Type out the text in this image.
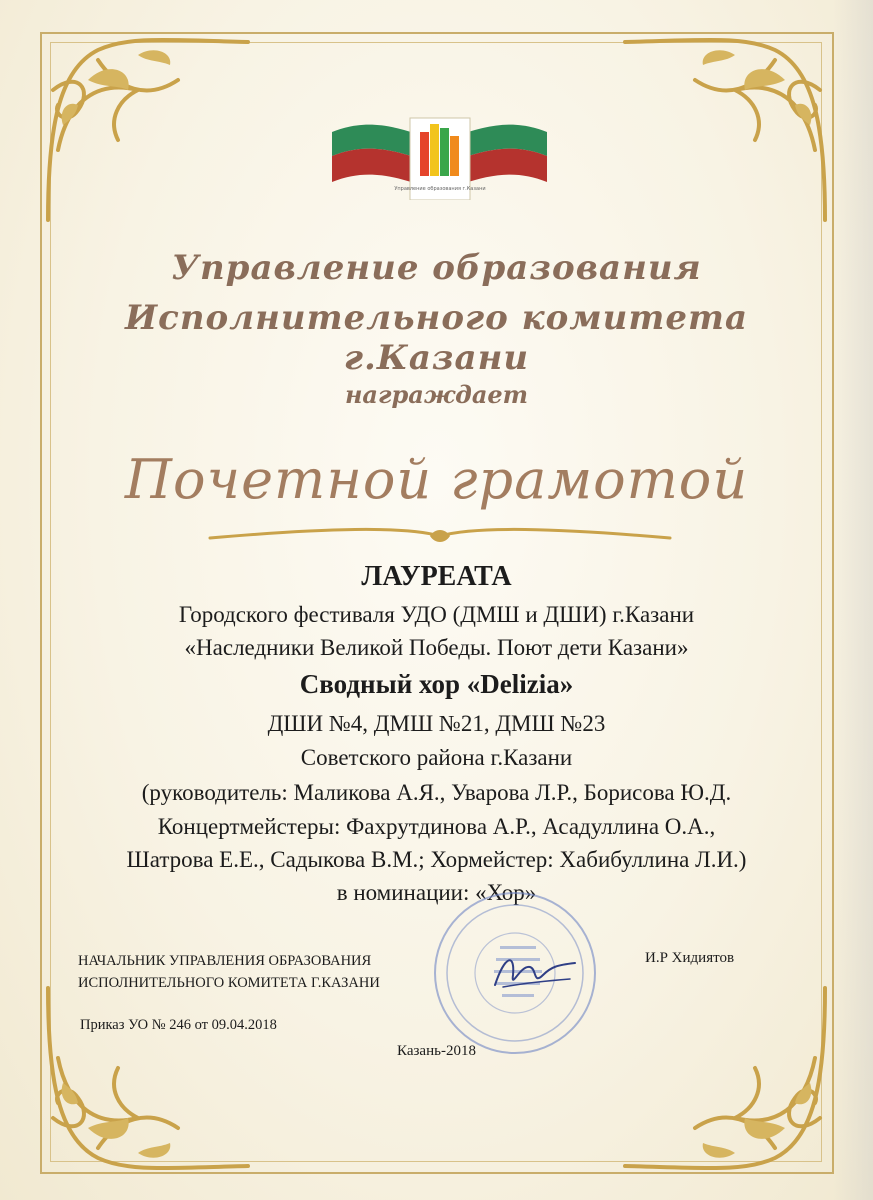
Управление образования г.Казани
Управление образования
Исполнительного комитета г.Казани
награждает
Почетной грамотой
ЛАУРЕАТА
Городского фестиваля УДО (ДМШ и ДШИ) г.Казани
«Наследники Великой Победы. Поют дети Казани»
Сводный хор «Delizia»
ДШИ №4, ДМШ №21, ДМШ №23
Советского района г.Казани
(руководитель: Маликова А.Я., Уварова Л.Р., Борисова Ю.Д.
Концертмейстеры: Фахрутдинова А.Р., Асадуллина О.А.,
Шатрова Е.Е., Садыкова В.М.; Хормейстер: Хабибуллина Л.И.)
в номинации: «Хор»
НАЧАЛЬНИК УПРАВЛЕНИЯ ОБРАЗОВАНИЯ
ИСПОЛНИТЕЛЬНОГО КОМИТЕТА Г.КАЗАНИ
И.Р Хидиятов
Приказ УО № 246 от 09.04.2018
Казань-2018
